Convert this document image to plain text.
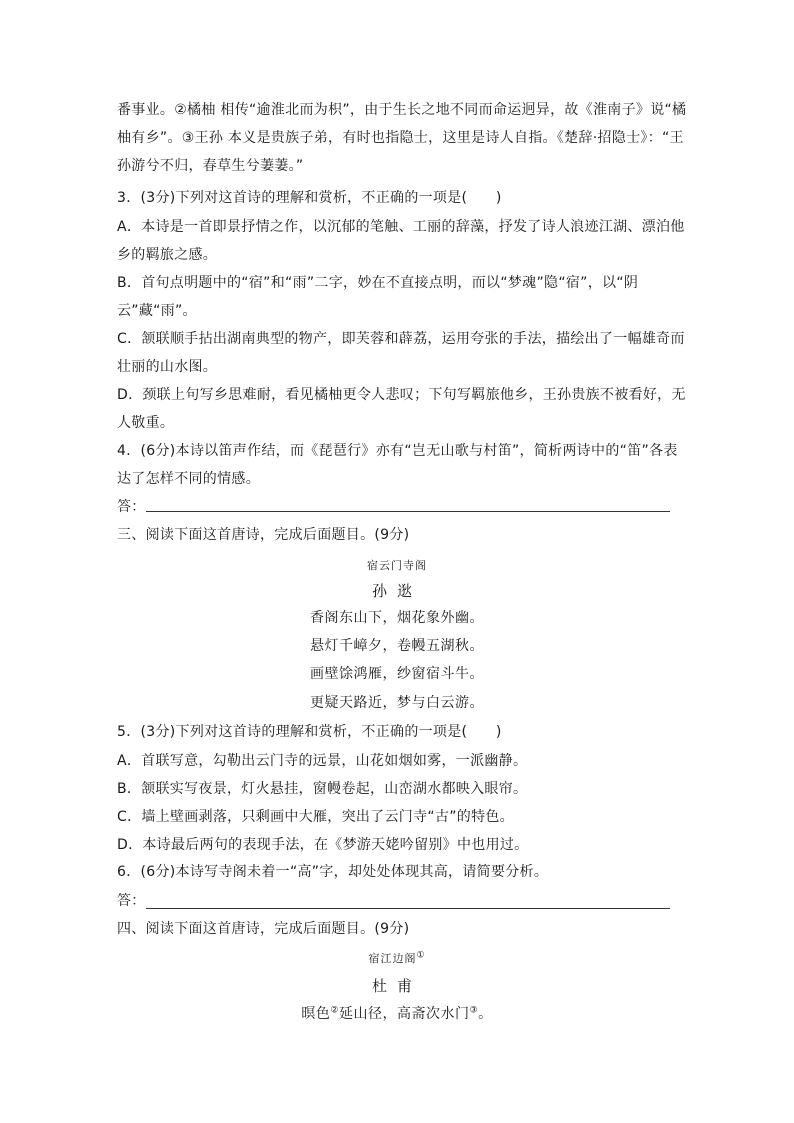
番事业。②橘柚 相传“逾淮北而为枳”，由于生长之地不同而命运迥异，故《淮南子》说“橘
柚有乡”。③王孙 本义是贵族子弟，有时也指隐士，这里是诗人自指。《楚辞·招隐士》：“王
孙游兮不归，春草生兮萋萋。”
3．(3分)下列对这首诗的理解和赏析，不正确的一项是(　　)
A．本诗是一首即景抒情之作，以沉郁的笔触、工丽的辞藻，抒发了诗人浪迹江湖、漂泊他
乡的羁旅之感。
B．首句点明题中的“宿”和“雨”二字，妙在不直接点明，而以“梦魂”隐“宿”，以“阴
云”藏“雨”。
C．颔联顺手拈出湖南典型的物产，即芙蓉和薜荔，运用夸张的手法，描绘出了一幅雄奇而
壮丽的山水图。
D．颈联上句写乡思难耐，看见橘柚更令人悲叹；下句写羁旅他乡，王孙贵族不被看好，无
人敬重。
4．(6分)本诗以笛声作结，而《琵琶行》亦有“岂无山歌与村笛”，简析两诗中的“笛”各表
达了怎样不同的情感。
答：
三、阅读下面这首唐诗，完成后面题目。(9分)
宿云门寺阁
孙逖
香阁东山下，烟花象外幽。
悬灯千嶂夕，卷幔五湖秋。
画壁馀鸿雁，纱窗宿斗牛。
更疑天路近，梦与白云游。
5．(3分)下列对这首诗的理解和赏析，不正确的一项是(　　)
A．首联写意，勾勒出云门寺的远景，山花如烟如雾，一派幽静。
B．颔联实写夜景，灯火悬挂，窗幔卷起，山峦湖水都映入眼帘。
C．墙上壁画剥落，只剩画中大雁，突出了云门寺“古”的特色。
D．本诗最后两句的表现手法，在《梦游天姥吟留别》中也用过。
6．(6分)本诗写寺阁未着一“高”字，却处处体现其高，请简要分析。
答：
四、阅读下面这首唐诗，完成后面题目。(9分)
宿江边阁①
杜甫
暝色②延山径，高斋次水门③。
